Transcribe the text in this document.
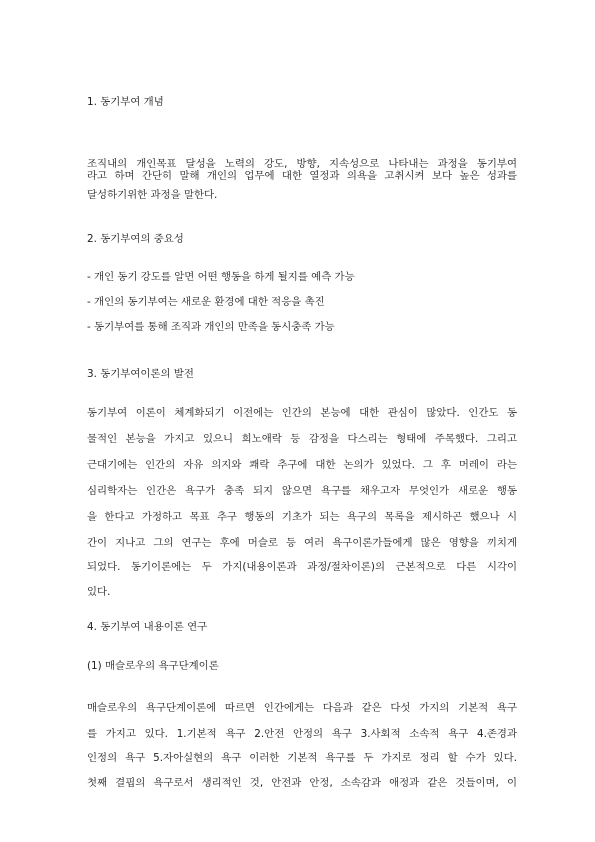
1. 동기부여 개념
조직내의 개인목표 달성을 노력의 강도, 방향, 지속성으로 나타내는 과정을 동기부여
라고 하며 간단히 말해 개인의 업무에 대한 열정과 의욕을 고취시켜 보다 높은 성과를
달성하기위한 과정을 말한다.
2. 동기부여의 중요성
- 개인 동기 강도를 알면 어떤 행동을 하게 될지를 예측 가능
- 개인의 동기부여는 새로운 환경에 대한 적응을 촉진
- 동기부여를 통해 조직과 개인의 만족을 동시충족 가능
3. 동기부여이론의 발전
동기부여 이론이 체계화되기 이전에는 인간의 본능에 대한 관심이 많았다. 인간도 동
물적인 본능을 가지고 있으니 희노애락 등 감정을 다스리는 형태에 주목했다. 그리고
근대기에는 인간의 자유 의지와 쾌락 추구에 대한 논의가 있었다. 그 후 머레이 라는
심리학자는 인간은 욕구가 충족 되지 않으면 욕구를 채우고자 무엇인가 새로운 행동
을 한다고 가정하고 목표 추구 행동의 기초가 되는 욕구의 목록을 제시하곤 했으나 시
간이 지나고 그의 연구는 후에 머슬로 등 여러 욕구이론가들에게 많은 영향을 끼치게
되었다. 동기이론에는 두 가지(내용이론과 과정/절차이론)의 근본적으로 다른 시각이
있다.
4. 동기부여 내용이론 연구
(1) 매슬로우의 욕구단계이론
매슬로우의 욕구단계이론에 따르면 인간에게는 다음과 같은 다섯 가지의 기본적 욕구
를 가지고 있다. 1.기본적 욕구 2.안전 안정의 욕구 3.사회적 소속적 욕구 4.존경과
인정의 욕구 5.자아실현의 욕구 이러한 기본적 욕구를 두 가지로 정리 할 수가 있다.
첫째 결핍의 욕구로서 생리적인 것, 안전과 안정, 소속감과 애정과 같은 것들이며, 이
